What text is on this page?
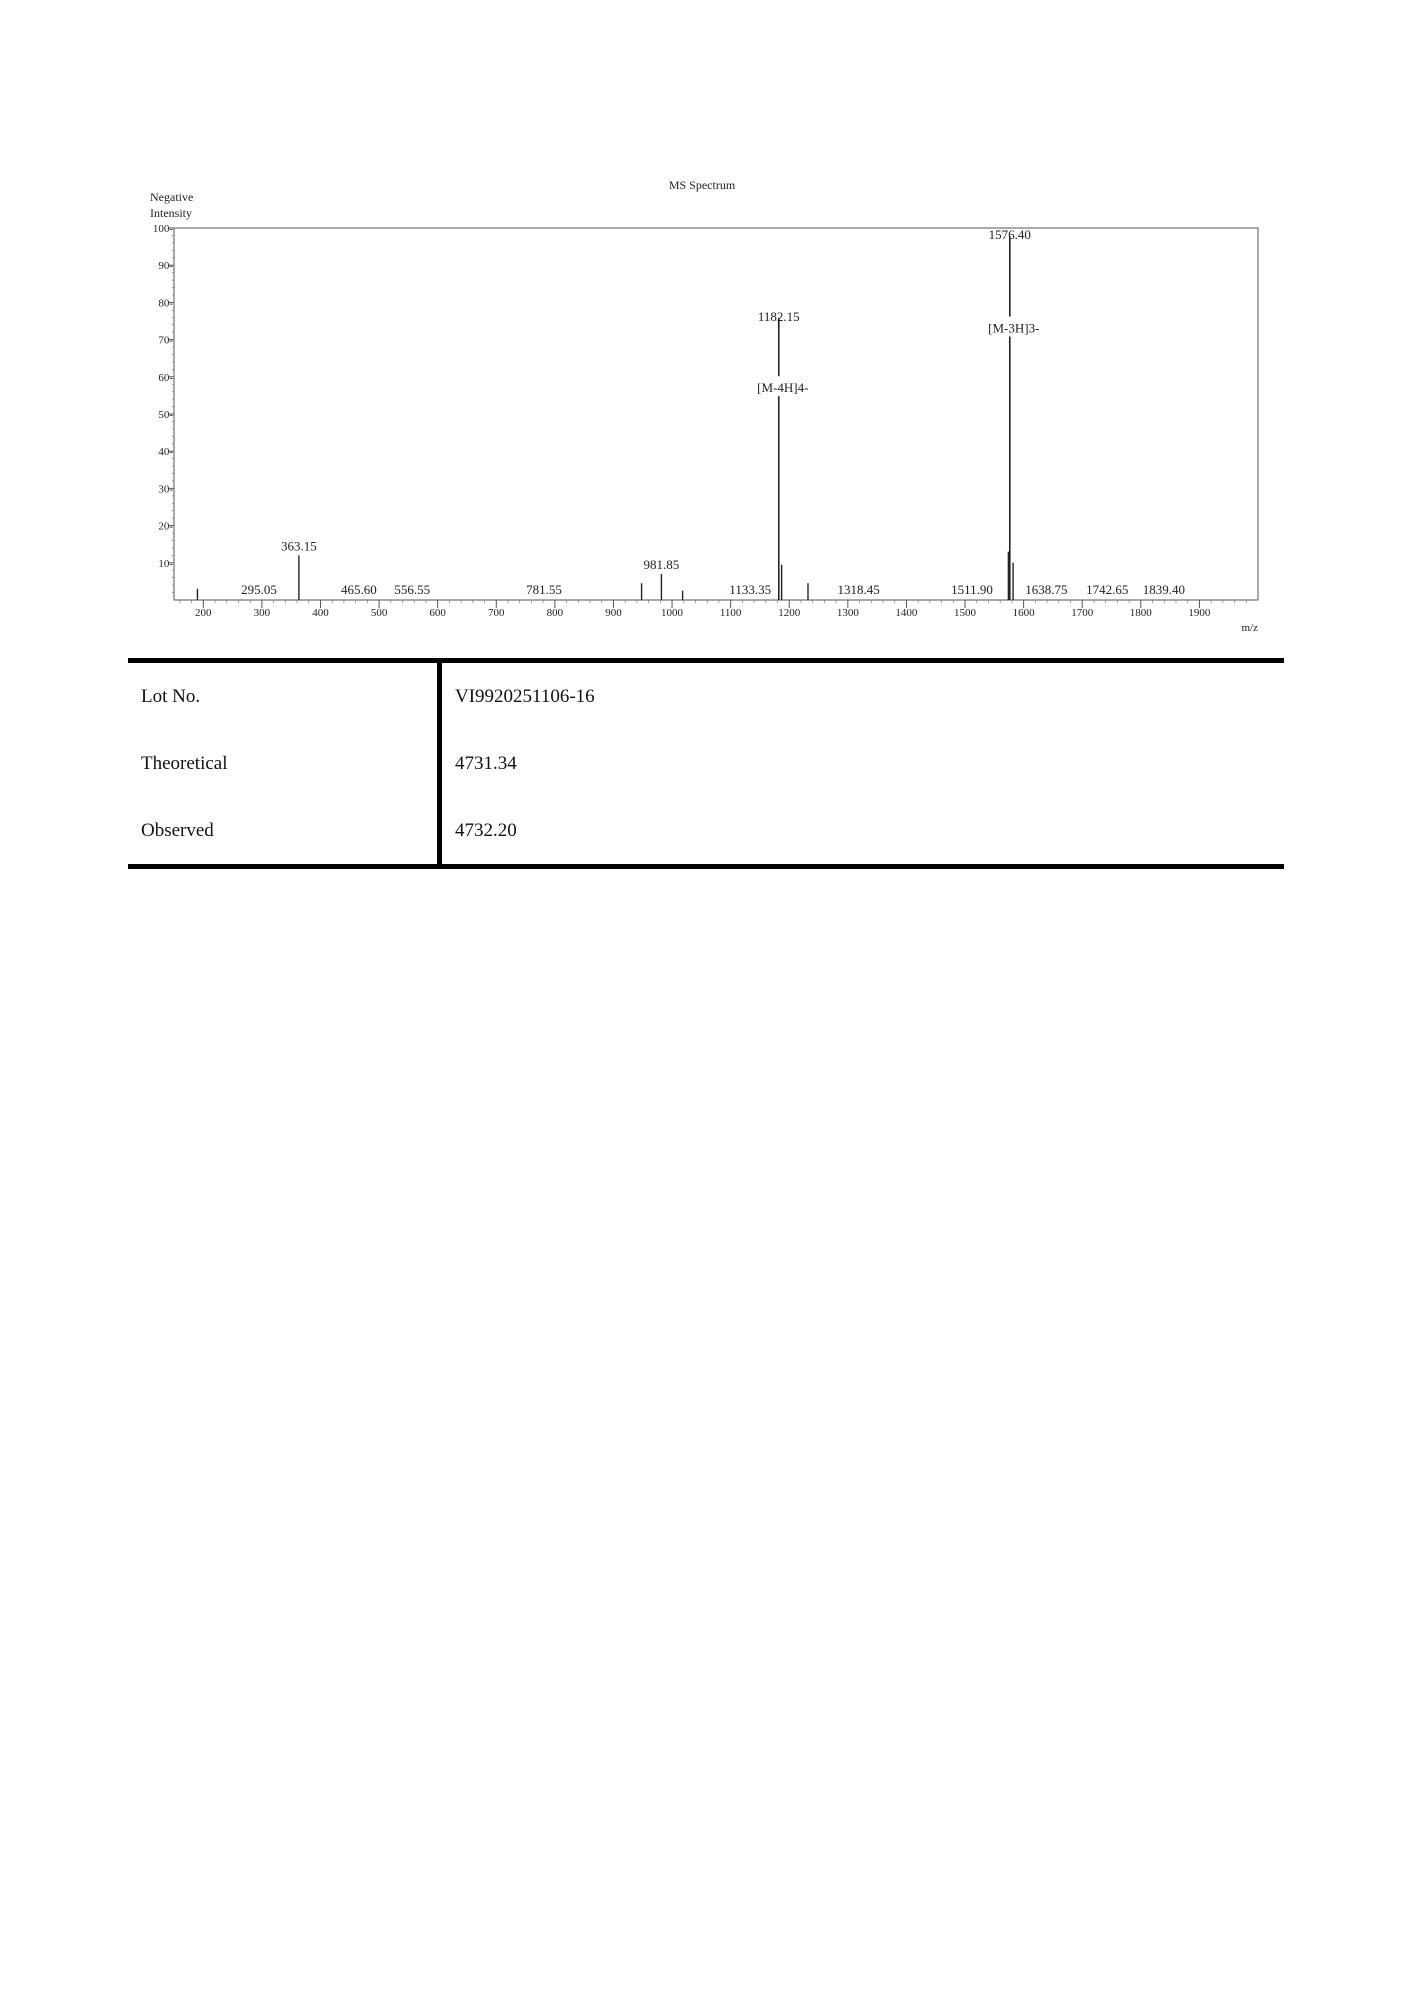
MS Spectrum
Negative
Intensity
m/z
10-
20-
30-
40-
50-
60-
70-
80-
90-
100-
200	300	400	500	600	700	800	900	1000	1100	1200	1300	1400	1500	1600	1700	1800	1900
363.15
981.85
1182.15
[M-4H]4-
1576.40
[M-3H]3-
295.05	465.60 556.55	781.55	1133.35	1318.45	1511.90 1638.75 1742.65 1839.40
Lot No.	VI9920251106-16
Theoretical	4731.34
Observed	4732.20
